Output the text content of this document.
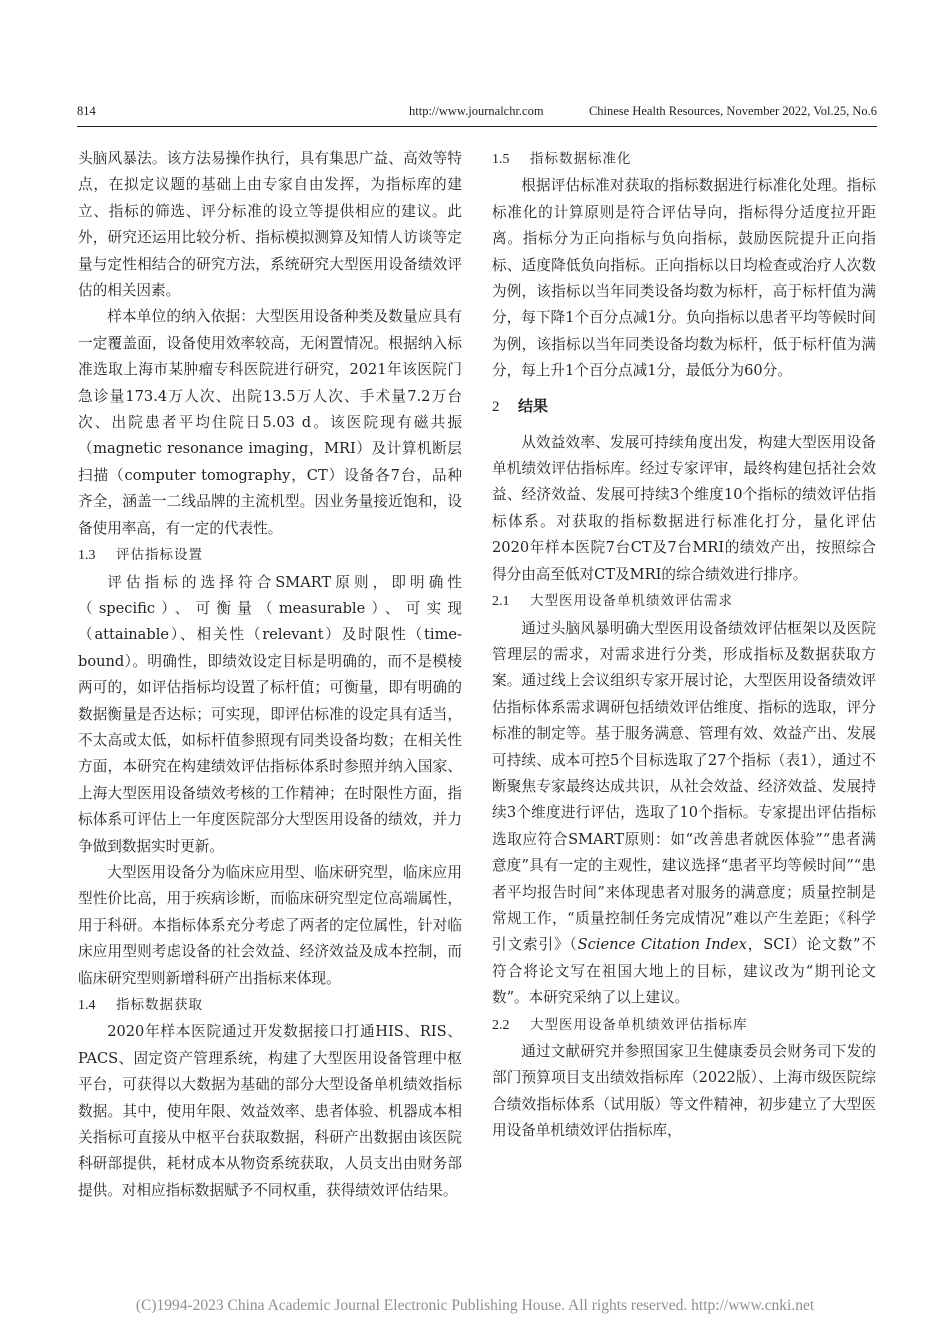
814	http://www.journalchr.com	Chinese Health Resources, November 2022, Vol.25, No.6

头脑风暴法。该方法易操作执行，具有集思广益、高效等特点，在拟定议题的基础上由专家自由发挥，为指标库的建立、指标的筛选、评分标准的设立等提供相应的建议。此外，研究还运用比较分析、指标模拟测算及知情人访谈等定量与定性相结合的研究方法，系统研究大型医用设备绩效评估的相关因素。

样本单位的纳入依据：大型医用设备种类及数量应具有一定覆盖面，设备使用效率较高，无闲置情况。根据纳入标准选取上海市某肿瘤专科医院进行研究，2021年该医院门急诊量173.4万人次、出院13.5万人次、手术量7.2万台次、出院患者平均住院日5.03 d。该医院现有磁共振（magnetic resonance imaging，MRI）及计算机断层扫描（computer tomography，CT）设备各7台，品种齐全，涵盖一二线品牌的主流机型。因业务量接近饱和，设备使用率高，有一定的代表性。

1.3 评估指标设置

评估指标的选择符合SMART原则，即明确性（specific）、可衡量（measurable）、可实现（attainable）、相关性（relevant）及时限性（time-bound）。明确性，即绩效设定目标是明确的，而不是模棱两可的，如评估指标均设置了标杆值；可衡量，即有明确的数据衡量是否达标；可实现，即评估标准的设定具有适当，不太高或太低，如标杆值参照现有同类设备均数；在相关性方面，本研究在构建绩效评估指标体系时参照并纳入国家、上海大型医用设备绩效考核的工作精神；在时限性方面，指标体系可评估上一年度医院部分大型医用设备的绩效，并力争做到数据实时更新。

大型医用设备分为临床应用型、临床研究型，临床应用型性价比高，用于疾病诊断，而临床研究型定位高端属性，用于科研。本指标体系充分考虑了两者的定位属性，针对临床应用型则考虑设备的社会效益、经济效益及成本控制，而临床研究型则新增科研产出指标来体现。

1.4 指标数据获取

2020年样本医院通过开发数据接口打通HIS、RIS、PACS、固定资产管理系统，构建了大型医用设备管理中枢平台，可获得以大数据为基础的部分大型设备单机绩效指标数据。其中，使用年限、效益效率、患者体验、机器成本相关指标可直接从中枢平台获取数据，科研产出数据由该医院科研部提供，耗材成本从物资系统获取，人员支出由财务部提供。对相应指标数据赋予不同权重，获得绩效评估结果。

1.5 指标数据标准化

根据评估标准对获取的指标数据进行标准化处理。指标标准化的计算原则是符合评估导向，指标得分适度拉开距离。指标分为正向指标与负向指标，鼓励医院提升正向指标、适度降低负向指标。正向指标以日均检查或治疗人次数为例，该指标以当年同类设备均数为标杆，高于标杆值为满分，每下降1个百分点减1分。负向指标以患者平均等候时间为例，该指标以当年同类设备均数为标杆，低于标杆值为满分，每上升1个百分点减1分，最低分为60分。

2 结果

从效益效率、发展可持续角度出发，构建大型医用设备单机绩效评估指标库。经过专家评审，最终构建包括社会效益、经济效益、发展可持续3个维度10个指标的绩效评估指标体系。对获取的指标数据进行标准化打分，量化评估2020年样本医院7台CT及7台MRI的绩效产出，按照综合得分由高至低对CT及MRI的综合绩效进行排序。

2.1 大型医用设备单机绩效评估需求

通过头脑风暴明确大型医用设备绩效评估框架以及医院管理层的需求，对需求进行分类，形成指标及数据获取方案。通过线上会议组织专家开展讨论，大型医用设备绩效评估指标体系需求调研包括绩效评估维度、指标的选取，评分标准的制定等。基于服务满意、管理有效、效益产出、发展可持续、成本可控5个目标选取了27个指标（表1），通过不断聚焦专家最终达成共识，从社会效益、经济效益、发展持续3个维度进行评估，选取了10个指标。专家提出评估指标选取应符合SMART原则：如“改善患者就医体验”“患者满意度”具有一定的主观性，建议选择“患者平均等候时间”“患者平均报告时间”来体现患者对服务的满意度；质量控制是常规工作，“质量控制任务完成情况”难以产生差距；《科学引文索引》（Science Citation Index，SCI）论文数”不符合将论文写在祖国大地上的目标，建议改为“期刊论文数”。本研究采纳了以上建议。

2.2 大型医用设备单机绩效评估指标库

通过文献研究并参照国家卫生健康委员会财务司下发的部门预算项目支出绩效指标库（2022版）、上海市级医院综合绩效指标体系（试用版）等文件精神，初步建立了大型医用设备单机绩效评估指标库，

(C)1994-2023 China Academic Journal Electronic Publishing House. All rights reserved. http://www.cnki.net
